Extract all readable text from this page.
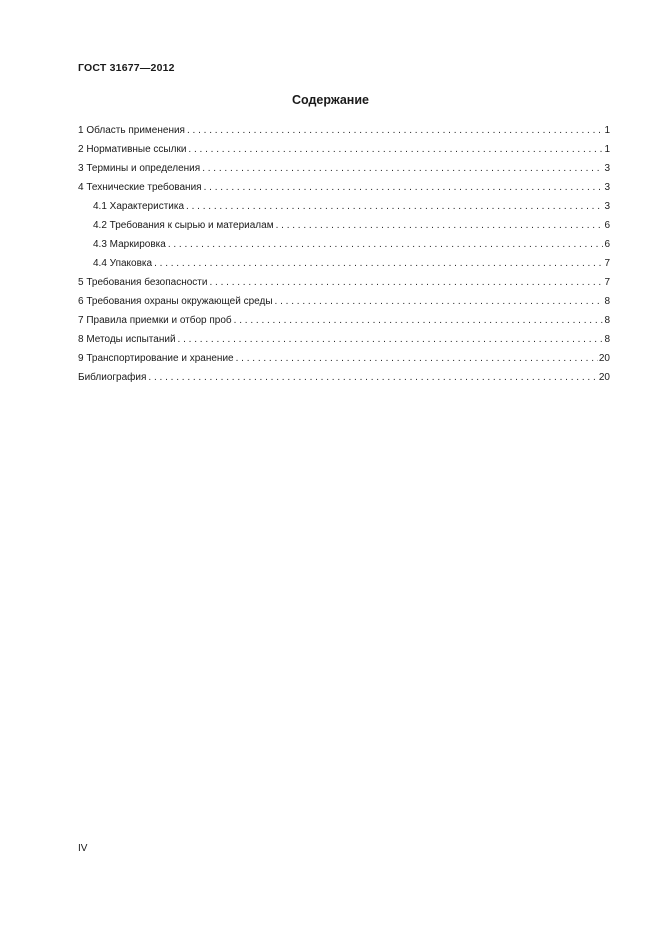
ГОСТ 31677—2012
Содержание
1 Область применения . . .	1
2 Нормативные ссылки . . .	1
3 Термины и определения . . .	3
4 Технические требования . . .	3
4.1 Характеристика . . .	3
4.2 Требования к сырью и материалам . . .	6
4.3 Маркировка . . .	6
4.4 Упаковка . . .	7
5 Требования безопасности . . .	7
6 Требования охраны окружающей среды . . .	8
7 Правила приемки и отбор проб . . .	8
8 Методы испытаний . . .	8
9 Транспортирование и хранение . . .	20
Библиография . . .	20
IV
